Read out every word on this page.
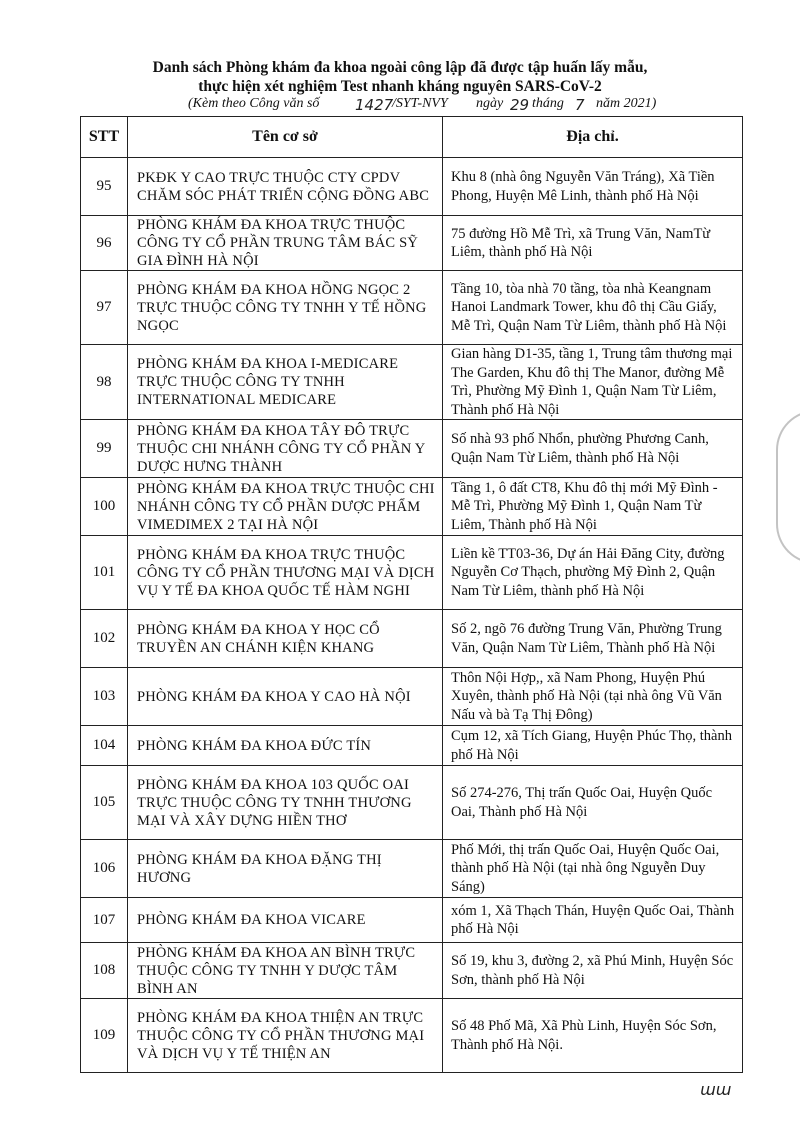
Danh sách Phòng khám đa khoa ngoài công lập đã được tập huấn lấy mẫu,
thực hiện xét nghiệm Test nhanh kháng nguyên SARS-CoV-2
(Kèm theo Công văn số 1427
/SYT-NVY ngày 29 tháng 7 năm 2021)
STT	Tên cơ sở	Địa chỉ.
95	PKĐK Y CAO TRỰC THUỘC CTY CPDV CHĂM SÓC PHÁT TRIỂN CỘNG ĐỒNG ABC	Khu 8 (nhà ông Nguyễn Văn Tráng), Xã Tiền Phong, Huyện Mê Linh, thành phố Hà Nội
96	PHÒNG KHÁM ĐA KHOA TRỰC THUỘC CÔNG TY CỔ PHẦN TRUNG TÂM BÁC SỸ GIA ĐÌNH HÀ NỘI	75 đường Hồ Mễ Trì, xã Trung Văn, NamTừ Liêm, thành phố Hà Nội
97	PHÒNG KHÁM ĐA KHOA HỒNG NGỌC 2 TRỰC THUỘC CÔNG TY TNHH Y TẾ HỒNG NGỌC	Tầng 10, tòa nhà 70 tầng, tòa nhà Keangnam Hanoi Landmark Tower, khu đô thị Cầu Giấy, Mễ Trì, Quận Nam Từ Liêm, thành phố Hà Nội
98	PHÒNG KHÁM ĐA KHOA I-MEDICARE TRỰC THUỘC CÔNG TY TNHH INTERNATIONAL MEDICARE	Gian hàng D1-35, tầng 1, Trung tâm thương mại The Garden, Khu đô thị The Manor, đường Mễ Trì, Phường Mỹ Đình 1, Quận Nam Từ Liêm, Thành phố Hà Nội
99	PHÒNG KHÁM ĐA KHOA TÂY ĐÔ TRỰC THUỘC CHI NHÁNH CÔNG TY CỔ PHẦN Y DƯỢC HƯNG THÀNH	Số nhà 93 phố Nhổn, phường Phương Canh, Quận Nam Từ Liêm, thành phố Hà Nội
100	PHÒNG KHÁM ĐA KHOA TRỰC THUỘC CHI NHÁNH CÔNG TY CỔ PHẦN DƯỢC PHẨM VIMEDIMEX 2 TẠI HÀ NỘI	Tầng 1, ô đất CT8, Khu đô thị mới Mỹ Đình - Mễ Trì, Phường Mỹ Đình 1, Quận Nam Từ Liêm, Thành phố Hà Nội
101	PHÒNG KHÁM ĐA KHOA TRỰC THUỘC CÔNG TY CỔ PHẦN THƯƠNG MẠI VÀ DỊCH VỤ Y TẾ ĐA KHOA QUỐC TẾ HÀM NGHI	Liền kề TT03-36, Dự án Hải Đăng City, đường Nguyễn Cơ Thạch, phường Mỹ Đình 2, Quận Nam Từ Liêm, thành phố Hà Nội
102	PHÒNG KHÁM ĐA KHOA Y HỌC CỔ TRUYỀN AN CHÁNH KIỆN KHANG	Số 2, ngõ 76 đường Trung Văn, Phường Trung Văn, Quận Nam Từ Liêm, Thành phố Hà Nội
103	PHÒNG KHÁM ĐA KHOA Y CAO HÀ NỘI	Thôn Nội Hợp,, xã Nam Phong, Huyện Phú Xuyên, thành phố Hà Nội (tại nhà ông Vũ Văn Nấu và bà Tạ Thị Đông)
104	PHÒNG KHÁM ĐA KHOA ĐỨC TÍN	Cụm 12, xã Tích Giang, Huyện Phúc Thọ, thành phố Hà Nội
105	PHÒNG KHÁM ĐA KHOA 103 QUỐC OAI TRỰC THUỘC CÔNG TY TNHH THƯƠNG MẠI VÀ XÂY DỰNG HIỀN THƠ	Số 274-276, Thị trấn Quốc Oai, Huyện Quốc Oai, Thành phố Hà Nội
106	PHÒNG KHÁM ĐA KHOA ĐẶNG THỊ HƯƠNG	Phố Mới, thị trấn Quốc Oai, Huyện Quốc Oai, thành phố Hà Nội (tại nhà ông Nguyễn Duy Sáng)
107	PHÒNG KHÁM ĐA KHOA VICARE	xóm 1, Xã Thạch Thán, Huyện Quốc Oai, Thành phố Hà Nội
108	PHÒNG KHÁM ĐA KHOA AN BÌNH TRỰC THUỘC CÔNG TY TNHH Y DƯỢC TÂM BÌNH AN	Số 19, khu 3, đường 2, xã Phú Minh, Huyện Sóc Sơn, thành phố Hà Nội
109	PHÒNG KHÁM ĐA KHOA THIỆN AN TRỰC THUỘC CÔNG TY CỔ PHẦN THƯƠNG MẠI VÀ DỊCH VỤ Y TẾ THIỆN AN	Số 48 Phố Mã, Xã Phù Linh, Huyện Sóc Sơn, Thành phố Hà Nội.
ɯɯ
